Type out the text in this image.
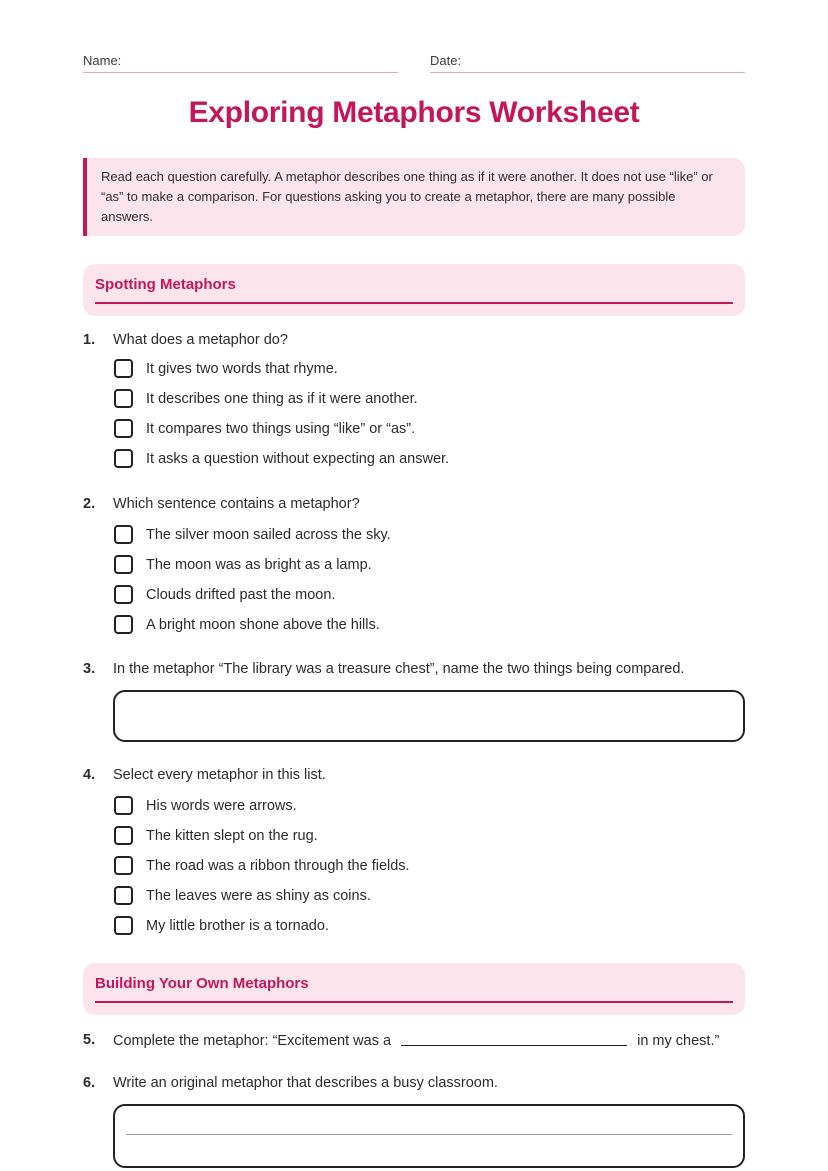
Name:	Date:
Exploring Metaphors Worksheet
Read each question carefully. A metaphor describes one thing as if it were another. It does not use “like” or “as” to make a comparison. For questions asking you to create a metaphor, there are many possible answers.
Spotting Metaphors
1. What does a metaphor do?
It gives two words that rhyme.
It describes one thing as if it were another.
It compares two things using “like” or “as”.
It asks a question without expecting an answer.
2. Which sentence contains a metaphor?
The silver moon sailed across the sky.
The moon was as bright as a lamp.
Clouds drifted past the moon.
A bright moon shone above the hills.
3. In the metaphor “The library was a treasure chest”, name the two things being compared.
4. Select every metaphor in this list.
His words were arrows.
The kitten slept on the rug.
The road was a ribbon through the fields.
The leaves were as shiny as coins.
My little brother is a tornado.
Building Your Own Metaphors
5. Complete the metaphor: “Excitement was a	in my chest.”
6. Write an original metaphor that describes a busy classroom.
